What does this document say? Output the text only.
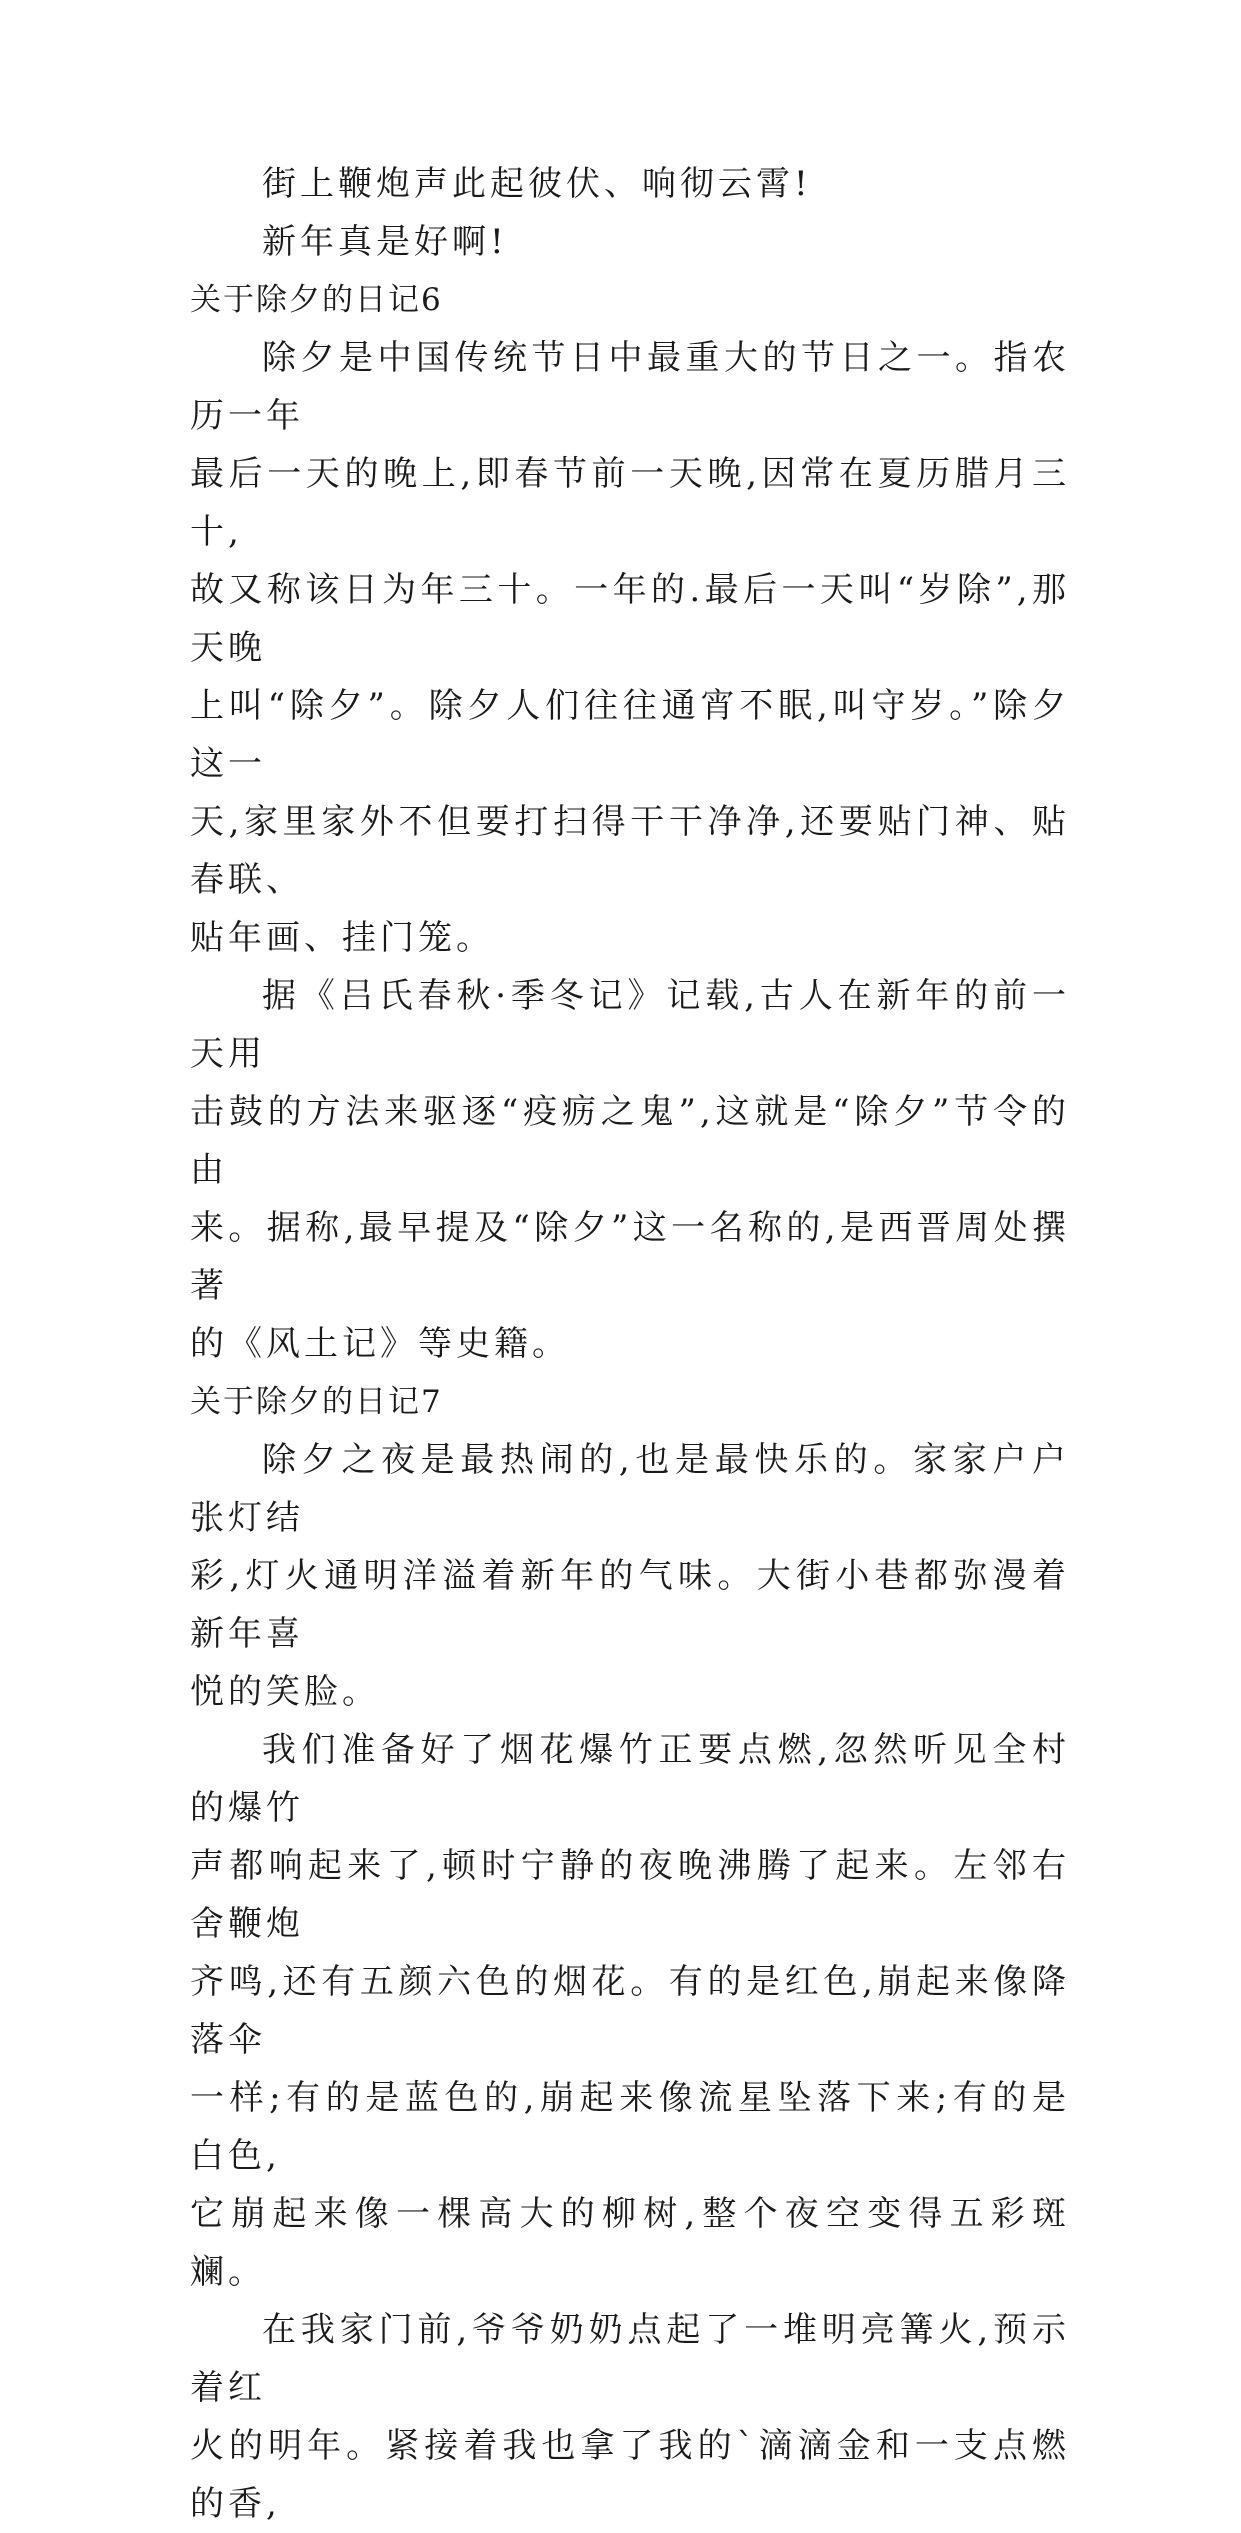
街上鞭炮声此起彼伏、响彻云霄!

新年真是好啊!

关于除夕的日记6

除夕是中国传统节日中最重大的节日之一。指农历一年
最后一天的晚上,即春节前一天晚,因常在夏历腊月三十,
故又称该日为年三十。一年的.最后一天叫“岁除”,那天晚
上叫“除夕”。除夕人们往往通宵不眠,叫守岁。”除夕这一
天,家里家外不但要打扫得干干净净,还要贴门神、贴春联、
贴年画、挂门笼。

据《吕氏春秋·季冬记》记载,古人在新年的前一天用
击鼓的方法来驱逐“疫疬之鬼”,这就是“除夕”节令的由
来。据称,最早提及“除夕”这一名称的,是西晋周处撰著
的《风土记》等史籍。

关于除夕的日记7

除夕之夜是最热闹的,也是最快乐的。家家户户张灯结
彩,灯火通明洋溢着新年的气味。大街小巷都弥漫着新年喜
悦的笑脸。

我们准备好了烟花爆竹正要点燃,忽然听见全村的爆竹
声都响起来了,顿时宁静的夜晚沸腾了起来。左邻右舍鞭炮
齐鸣,还有五颜六色的烟花。有的是红色,崩起来像降落伞
一样;有的是蓝色的,崩起来像流星坠落下来;有的是白色,
它崩起来像一棵高大的柳树,整个夜空变得五彩斑斓。

在我家门前,爷爷奶奶点起了一堆明亮篝火,预示着红
火的明年。紧接着我也拿了我的`滴滴金和一支点燃的香,
